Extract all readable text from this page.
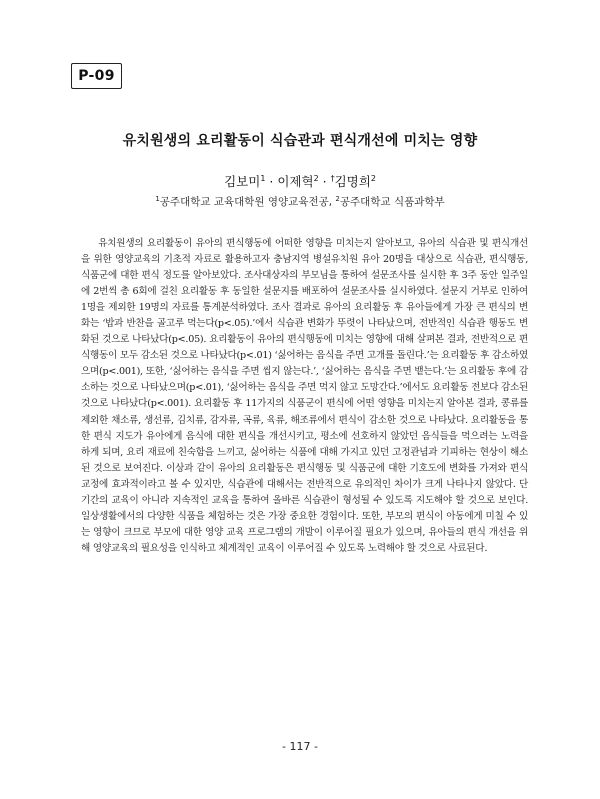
P-09
유치원생의 요리활동이 식습관과 편식개선에 미치는 영향
김보미$^1$ · 이제혁$^2$ · †김명희$^2$
$^1$공주대학교 교육대학원 영양교육전공, $^2$공주대학교 식품과학부
유치원생의 요리활동이 유아의 편식행동에 어떠한 영향을 미치는지 알아보고, 유아의 식습관 및 편식개선을 위한 영양교육의 기초적 자료로 활용하고자 충남지역 병설유치원 유아 20명을 대상으로 식습관, 편식행동, 식품군에 대한 편식 정도를 알아보았다. 조사대상자의 부모님을 통하여 설문조사를 실시한 후 3주 동안 일주일에 2번씩 총 6회에 걸친 요리활동 후 동일한 설문지를 배포하여 설문조사를 실시하였다. 설문지 거부로 인하여 1명을 제외한 19명의 자료를 통계분석하였다. 조사 결과로 유아의 요리활동 후 유아들에게 가장 큰 편식의 변화는 ‘밥과 반찬을 골고루 먹는다(p<.05).’에서 식습관 변화가 뚜렷이 나타났으며, 전반적인 식습관 행동도 변화된 것으로 나타났다(p<.05). 요리활동이 유아의 편식행동에 미치는 영향에 대해 살펴본 결과, 전반적으로 편식행동이 모두 감소된 것으로 나타났다(p<.01) ‘싫어하는 음식을 주면 고개를 돌린다.’는 요리활동 후 감소하였으며(p<.001), 또한, ‘싫어하는 음식을 주면 씹지 않는다.’, ‘싫어하는 음식을 주면 뱉는다.’는 요리활동 후에 감소하는 것으로 나타났으며(p<.01), ‘싫어하는 음식을 주면 먹지 않고 도망간다.’에서도 요리활동 전보다 감소된 것으로 나타났다(p<.001). 요리활동 후 11가지의 식품군이 편식에 어떤 영향을 미치는지 알아본 결과, 콩류를 제외한 채소류, 생선류, 김치류, 감자류, 곡류, 육류, 해조류에서 편식이 감소한 것으로 나타났다. 요리활동을 통한 편식 지도가 유아에게 음식에 대한 편식을 개선시키고, 평소에 선호하지 않았던 음식들을 먹으려는 노력을 하게 되며, 요리 재료에 친숙함을 느끼고, 싫어하는 식품에 대해 가지고 있던 고정관념과 기피하는 현상이 해소된 것으로 보여진다. 이상과 같이 유아의 요리활동은 편식행동 및 식품군에 대한 기호도에 변화를 가져와 편식교정에 효과적이라고 볼 수 있지만, 식습관에 대해서는 전반적으로 유의적인 차이가 크게 나타나지 않았다. 단기간의 교육이 아니라 지속적인 교육을 통하여 올바른 식습관이 형성될 수 있도록 지도해야 할 것으로 보인다. 일상생활에서의 다양한 식품을 체험하는 것은 가장 중요한 경험이다. 또한, 부모의 편식이 아동에게 미칠 수 있는 영향이 크므로 부모에 대한 영양 교육 프로그램의 개발이 이루어질 필요가 있으며, 유아들의 편식 개선을 위해 영양교육의 필요성을 인식하고 체계적인 교육이 이루어질 수 있도록 노력해야 할 것으로 사료된다.
- 117 -
